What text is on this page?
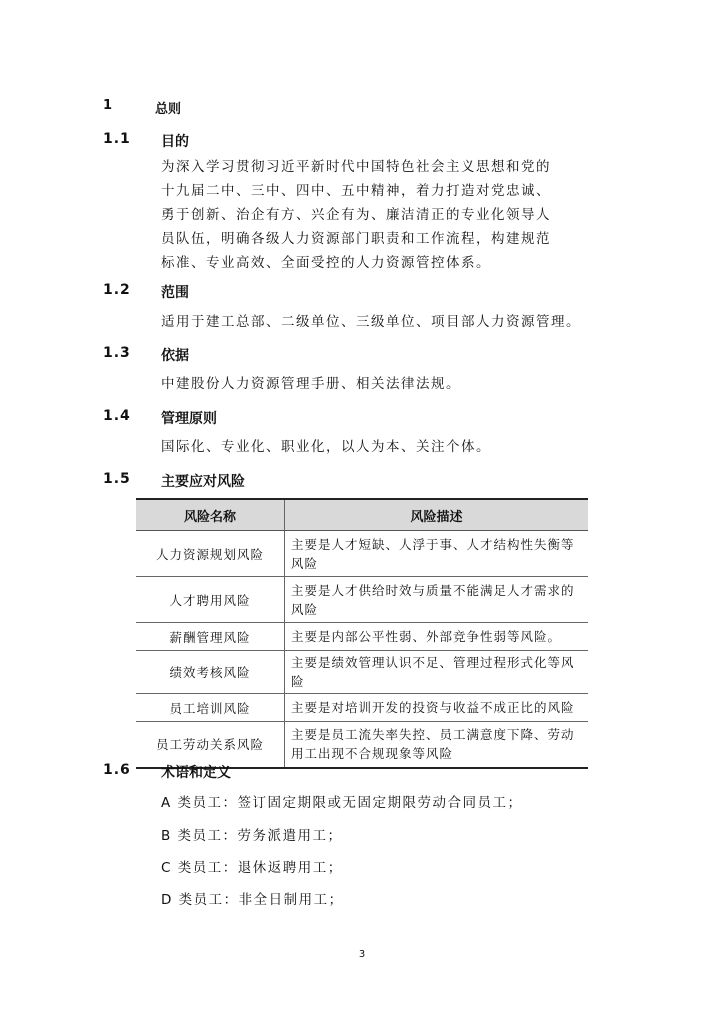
1	总则
1.1 目的
为深入学习贯彻习近平新时代中国特色社会主义思想和党的十九届二中、三中、四中、五中精神，着力打造对党忠诚、勇于创新、治企有方、兴企有为、廉洁清正的专业化领导人员队伍，明确各级人力资源部门职责和工作流程，构建规范标准、专业高效、全面受控的人力资源管控体系。
1.2 范围
适用于建工总部、二级单位、三级单位、项目部人力资源管理。
1.3 依据
中建股份人力资源管理手册、相关法律法规。
1.4 管理原则
国际化、专业化、职业化，以人为本、关注个体。
1.5 主要应对风险
风险名称	风险描述
人力资源规划风险	主要是人才短缺、人浮于事、人才结构性失衡等风险
人才聘用风险	主要是人才供给时效与质量不能满足人才需求的风险
薪酬管理风险	主要是内部公平性弱、外部竞争性弱等风险。
绩效考核风险	主要是绩效管理认识不足、管理过程形式化等风险
员工培训风险	主要是对培训开发的投资与收益不成正比的风险
员工劳动关系风险	主要是员工流失率失控、员工满意度下降、劳动用工出现不合规现象等风险
1.6 术语和定义
A 类员工：签订固定期限或无固定期限劳动合同员工；
B 类员工：劳务派遣用工；
C 类员工：退休返聘用工；
D 类员工：非全日制用工；
3
